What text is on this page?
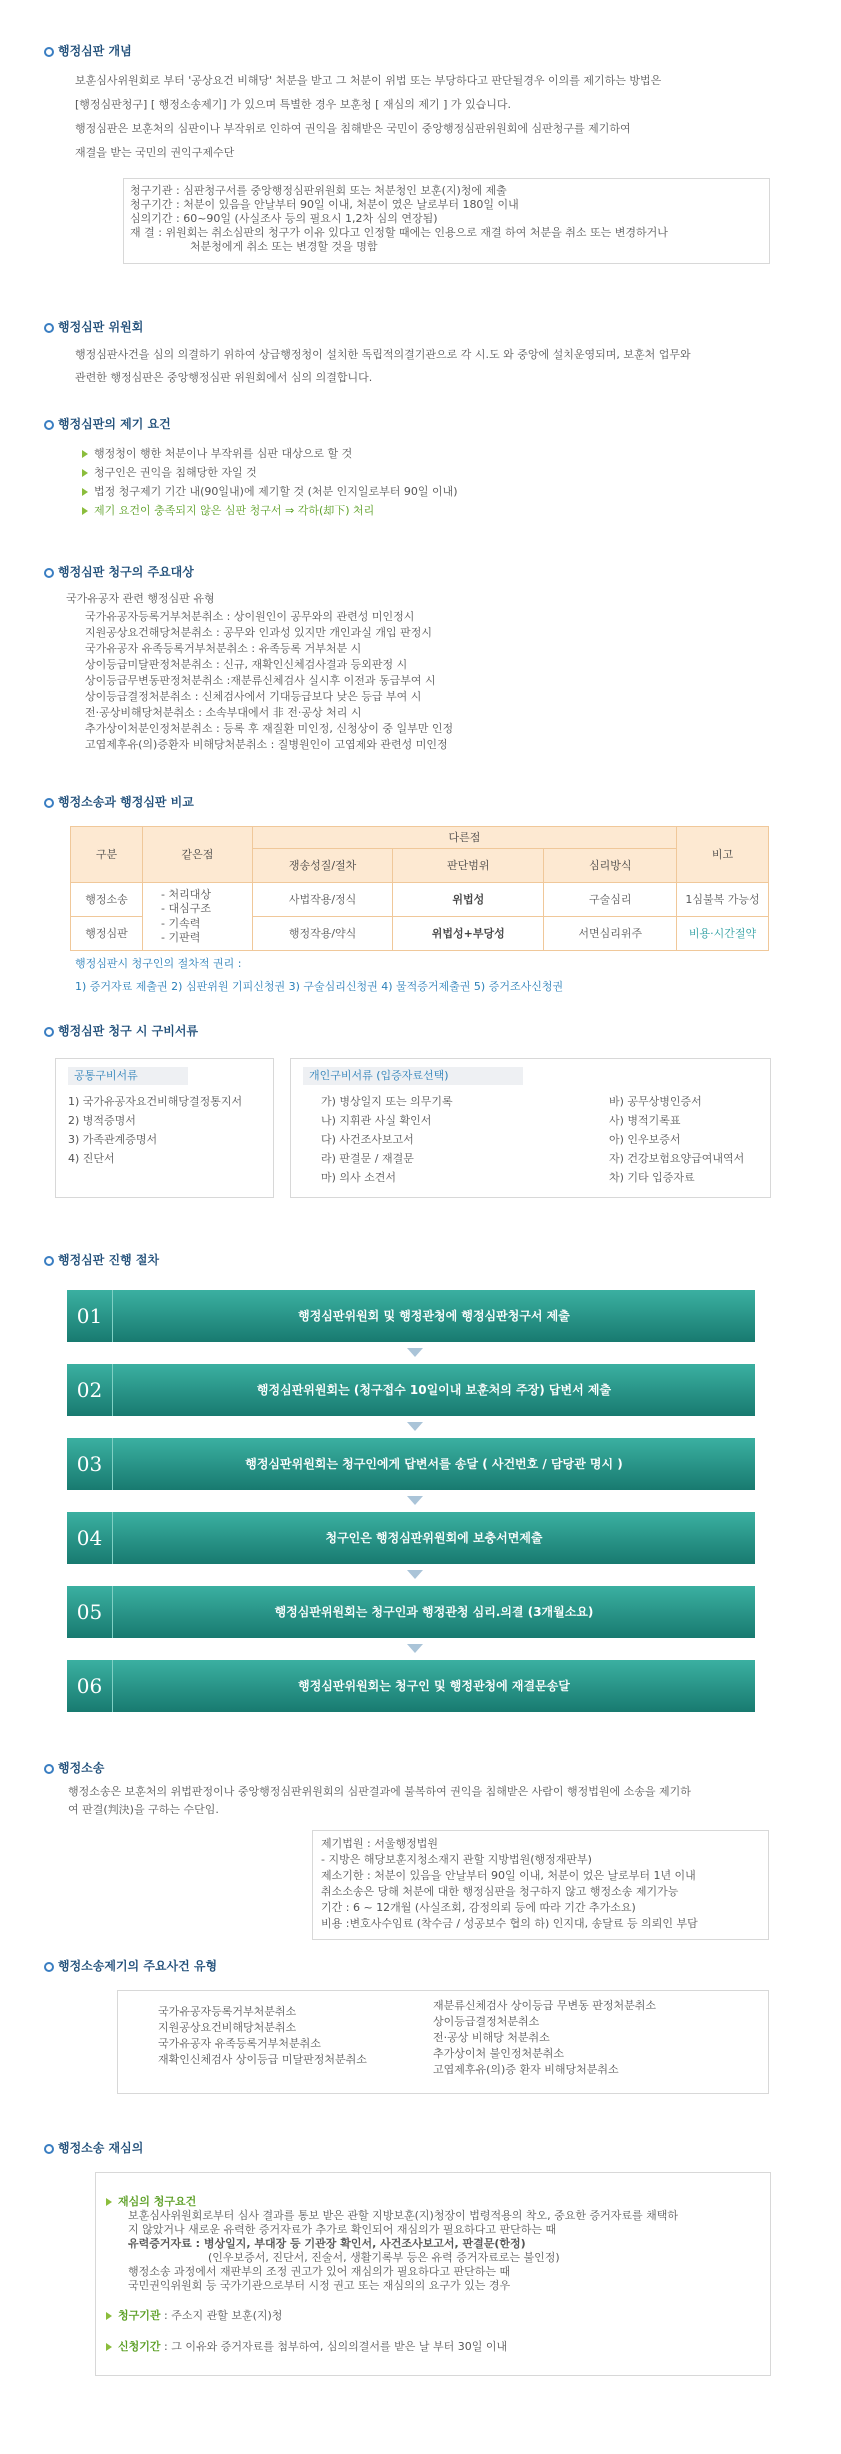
행정심판 개념
보훈심사위원회로 부터 '공상요건 비해당' 처분을 받고 그 처분이 위법 또는 부당하다고 판단될경우 이의를 제기하는 방법은
[행정심판청구] [ 행정소송제기] 가 있으며 특별한 경우 보훈청 [ 재심의 제기 ] 가 있습니다.
행정심판은 보훈처의 심판이나 부작위로 인하여 권익을 침해받은 국민이 중앙행정심판위원회에 심판청구를 제기하여
재결을 받는 국민의 권익구제수단
청구기관 : 심판청구서를 중앙행정심판위원회 또는 처분청인 보훈(지)청에 제출
청구기간 : 처분이 있음을 안날부터 90일 이내, 처분이 였은 날로부터 180일 이내
심의기간 : 60~90일 (사실조사 등의 필요시 1,2차 심의 연장됨)
재 결 : 위원회는 취소심판의 청구가 이유 있다고 인정할 때에는 인용으로 재결 하여 처분을 취소 또는 변경하거나
처분청에게 취소 또는 변경할 것을 명함
행정심판 위원회
행정심판사건을 심의 의결하기 위하여 상급행정청이 설치한 독립적의결기관으로 각 시.도 와 중앙에 설치운영되며, 보훈처 업무와
관련한 행정심판은 중앙행정심판 위원회에서 심의 의결합니다.
행정심판의 제기 요건
행정청이 행한 처분이나 부작위를 심판 대상으로 할 것
청구인은 권익을 침해당한 자일 것
법정 청구제기 기간 내(90일내)에 제기할 것 (처분 인지일로부터 90일 이내)
제기 요건이 충족되지 않은 심판 청구서 ⇒ 각하(却下) 처리
행정심판 청구의 주요대상
국가유공자 관련 행정심판 유형
국가유공자등록거부처분취소 : 상이원인이 공무와의 관련성 미인정시
지원공상요건해당처분취소 : 공무와 인과성 있지만 개인과실 개입 판정시
국가유공자 유족등록거부처분취소 : 유족등록 거부처분 시
상이등급미달판정처분취소 : 신규, 재확인신체검사결과 등외판정 시
상이등급무변동판정처분취소 :재분류신체검사 실시후 이전과 동급부여 시
상이등급결정처분취소 : 신체검사에서 기대등급보다 낮은 등급 부여 시
전·공상비해당처분취소 : 소속부대에서 非 전·공상 처리 시
추가상이처분인정처분취소 : 등록 후 재질환 미인정, 신청상이 중 일부만 인정
고엽제후유(의)증환자 비해당처분취소 : 질병원인이 고엽제와 관련성 미인정
행정소송과 행정심판 비교
구분	같은점	다른점			비고
		쟁송성질/절차	판단범위	심리방식	
행정소송	- 처리대상
- 대심구조
- 기속력
- 기판력	사법작용/정식	위법성	구술심리	1심불복 가능성
행정심판		행정작용/약식	위법성+부당성	서면심리위주	비용·시간절약
행정심판시 청구인의 절차적 권리 :
1) 증거자료 제출권 2) 심판위원 기피신청권 3) 구술심리신청권 4) 물적증거제출권 5) 증거조사신청권
행정심판 청구 시 구비서류
공통구비서류
1) 국가유공자요건비해당결정통지서
2) 병적증명서
3) 가족관계증명서
4) 진단서
개인구비서류 (입증자료선택)
가) 병상일지 또는 의무기록
나) 지휘관 사실 확인서
다) 사건조사보고서
라) 판결문 / 재결문
마) 의사 소견서
바) 공무상병인증서
사) 병적기록표
아) 인우보증서
자) 건강보험요양급여내역서
차) 기타 입증자료
행정심판 진행 절차
01	행정심판위원회 및 행정관청에 행정심판청구서 제출
02	행정심판위원회는 (청구접수 10일이내 보훈처의 주장) 답변서 제출
03	행정심판위원회는 청구인에게 답변서를 송달 ( 사건번호 / 담당관 명시 )
04	청구인은 행정심판위원회에 보충서면제출
05	행정심판위원회는 청구인과 행정관청 심리.의결 (3개월소요)
06	행정심판위원회는 청구인 및 행정관청에 재결문송달
행정소송
행정소송은 보훈처의 위법판정이나 중앙행정심판위원회의 심판결과에 불복하여 권익을 침해받은 사람이 행정법원에 소송을 제기하
여 판결(判決)을 구하는 수단임.
제기법원 : 서울행정법원
- 지방은 해당보훈지청소재지 관할 지방법원(행정재판부)
제소기한 : 처분이 있음을 안날부터 90일 이내, 처분이 었은 날로부터 1년 이내
취소소송은 당해 처분에 대한 행정심판을 청구하지 않고 행정소송 제기가능
기간 : 6 ~ 12개월 (사실조회, 감정의뢰 등에 따라 기간 추가소요)
비용 :변호사수임료 (착수금 / 성공보수 협의 하) 인지대, 송달료 등 의뢰인 부담
행정소송제기의 주요사건 유형
국가유공자등록거부처분취소
지원공상요건비해당처분취소
국가유공자 유족등록거부처분취소
재확인신체검사 상이등급 미달판정처분취소
재분류신체검사 상이등급 무변동 판정처분취소
상이등급결정처분취소
전·공상 비해당 처분취소
추가상이처 불인정처분취소
고엽제후유(의)증 환자 비해당처분취소
행정소송 재심의
재심의 청구요건
보훈심사위원회로부터 심사 결과를 통보 받은 관할 지방보훈(지)청장이 법령적용의 착오, 중요한 증거자료를 채택하
지 않았거나 새로운 유력한 증거자료가 추가로 확인되어 재심의가 필요하다고 판단하는 때
유력증거자료 : 병상일지, 부대장 등 기관장 확인서, 사건조사보고서, 판결문(한정)
(인우보증서, 진단서, 진술서, 생활기록부 등은 유력 증거자료로는 불인정)
행정소송 과정에서 재판부의 조정 권고가 있어 재심의가 필요하다고 판단하는 때
국민권익위원회 등 국가기관으로부터 시정 권고 또는 재심의의 요구가 있는 경우
청구기관 : 주소지 관할 보훈(지)청
신청기간 : 그 이유와 증거자료를 첨부하여, 심의의결서를 받은 날 부터 30일 이내
